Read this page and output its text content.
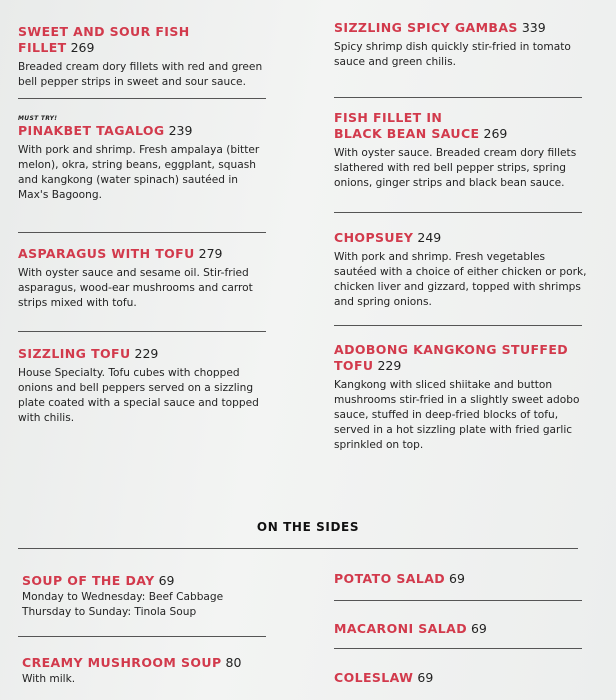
SWEET AND SOUR FISH FILLET 269
Breaded cream dory fillets with red and green bell pepper strips in sweet and sour sauce.
MUST TRY!
PINAKBET TAGALOG 239
With pork and shrimp. Fresh ampalaya (bitter melon), okra, string beans, eggplant, squash and kangkong (water spinach) sautéed in Max's Bagoong.
ASPARAGUS WITH TOFU 279
With oyster sauce and sesame oil. Stir-fried asparagus, wood-ear mushrooms and carrot strips mixed with tofu.
SIZZLING TOFU 229
House Specialty. Tofu cubes with chopped onions and bell peppers served on a sizzling plate coated with a special sauce and topped with chilis.
SIZZLING SPICY GAMBAS 339
Spicy shrimp dish quickly stir-fried in tomato sauce and green chilis.
FISH FILLET IN
BLACK BEAN SAUCE 269
With oyster sauce. Breaded cream dory fillets slathered with red bell pepper strips, spring onions, ginger strips and black bean sauce.
CHOPSUEY 249
With pork and shrimp. Fresh vegetables sautéed with a choice of either chicken or pork, chicken liver and gizzard, topped with shrimps and spring onions.
ADOBONG KANGKONG STUFFED
TOFU 229
Kangkong with sliced shiitake and button mushrooms stir-fried in a slightly sweet adobo sauce, stuffed in deep-fried blocks of tofu, served in a hot sizzling plate with fried garlic sprinkled on top.
ON THE SIDES
SOUP OF THE DAY 69
Monday to Wednesday: Beef Cabbage
Thursday to Sunday: Tinola Soup
CREAMY MUSHROOM SOUP 80
With milk.
POTATO SALAD 69
MACARONI SALAD 69
COLESLAW 69
